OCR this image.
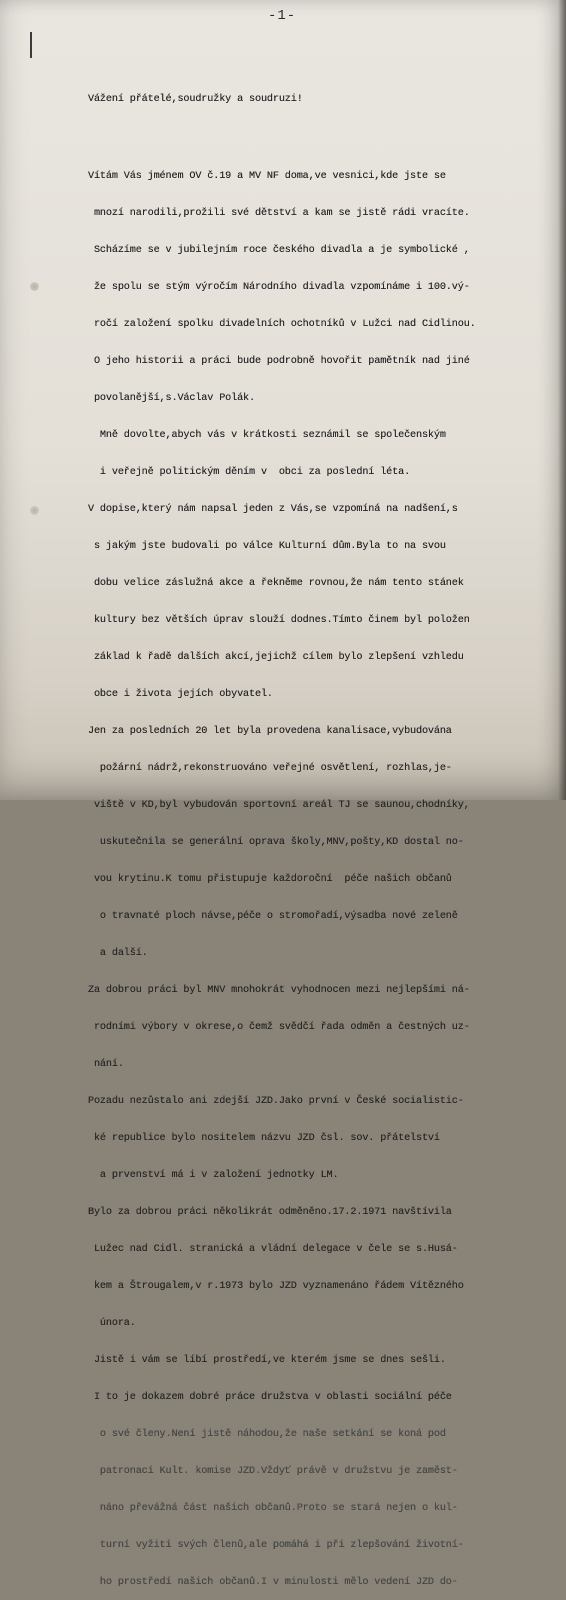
-1-

Vážení přátelé,soudružky a soudruzi!

Vítám Vás jménem OV č.19 a MV NF doma,ve vesnici,kde jste se

mnozí narodili,prožili své dětství a kam se jistě rádi vracíte.

Scházíme se v jubilejním roce českého divadla a je symbolické ,

že spolu se stým výročím Národního divadla vzpomínáme i 100.vý-

ročí založení spolku divadelních ochotníků v Lužci nad Cidlinou.

O jeho historii a práci bude podrobně hovořit pamětník nad jiné

povolanější,s.Václav Polák.

Mně dovolte,abych vás v krátkosti seznámil se společenským

i veřejně politickým děním v  obci za poslední léta.

V dopise,který nám napsal jeden z Vás,se vzpomíná na nadšení,s

s jakým jste budovali po válce Kulturní dům.Byla to na svou

dobu velice záslužná akce a řekněme rovnou,že nám tento stánek

kultury bez větších úprav slouží dodnes.Tímto činem byl položen

základ k řadě dalších akcí,jejichž cílem bylo zlepšení vzhledu

obce i života jejích obyvatel.

Jen za posledních 20 let byla provedena kanalisace,vybudována

požární nádrž,rekonstruováno veřejné osvětlení, rozhlas,je-

viště v KD,byl vybudován sportovní areál TJ se saunou,chodníky,

uskutečnila se generální oprava školy,MNV,pošty,KD dostal no-

vou krytinu.K tomu přistupuje každoroční  péče našich občanů

o travnaté ploch návse,péče o stromořadí,výsadba nové zeleně

a další.

Za dobrou práci byl MNV mnohokrát vyhodnocen mezi nejlepšími ná-

rodními výbory v okrese,o čemž svědčí řada odměn a čestných uz-

nání.

Pozadu nezůstalo ani zdejší JZD.Jako první v České socialistic-

ké republice bylo nositelem názvu JZD čsl. sov. přátelství

a prvenství má i v založení jednotky LM.

Bylo za dobrou práci několikrát odměněno.17.2.1971 navštívila

Lužec nad Cidl. stranická a vládní delegace v čele se s.Husá-

kem a Štrougalem,v r.1973 bylo JZD vyznamenáno řádem Vítězného

února.

Jistě i vám se líbí prostředí,ve kterém jsme se dnes sešli.

I to je dokazem dobré práce družstva v oblasti sociální péče

o své členy.Není jistě náhodou,že naše setkání se koná pod

patronací Kult. komise JZD.Vždyť právě v družstvu je zaměst-

náno převážná část našich občanů.Proto se stará nejen o kul-

turní vyžití svých členů,ale pomáhá i při zlepšování životní-

ho prostředí našich občanů.I v minulosti mělo vedení JZD do-
